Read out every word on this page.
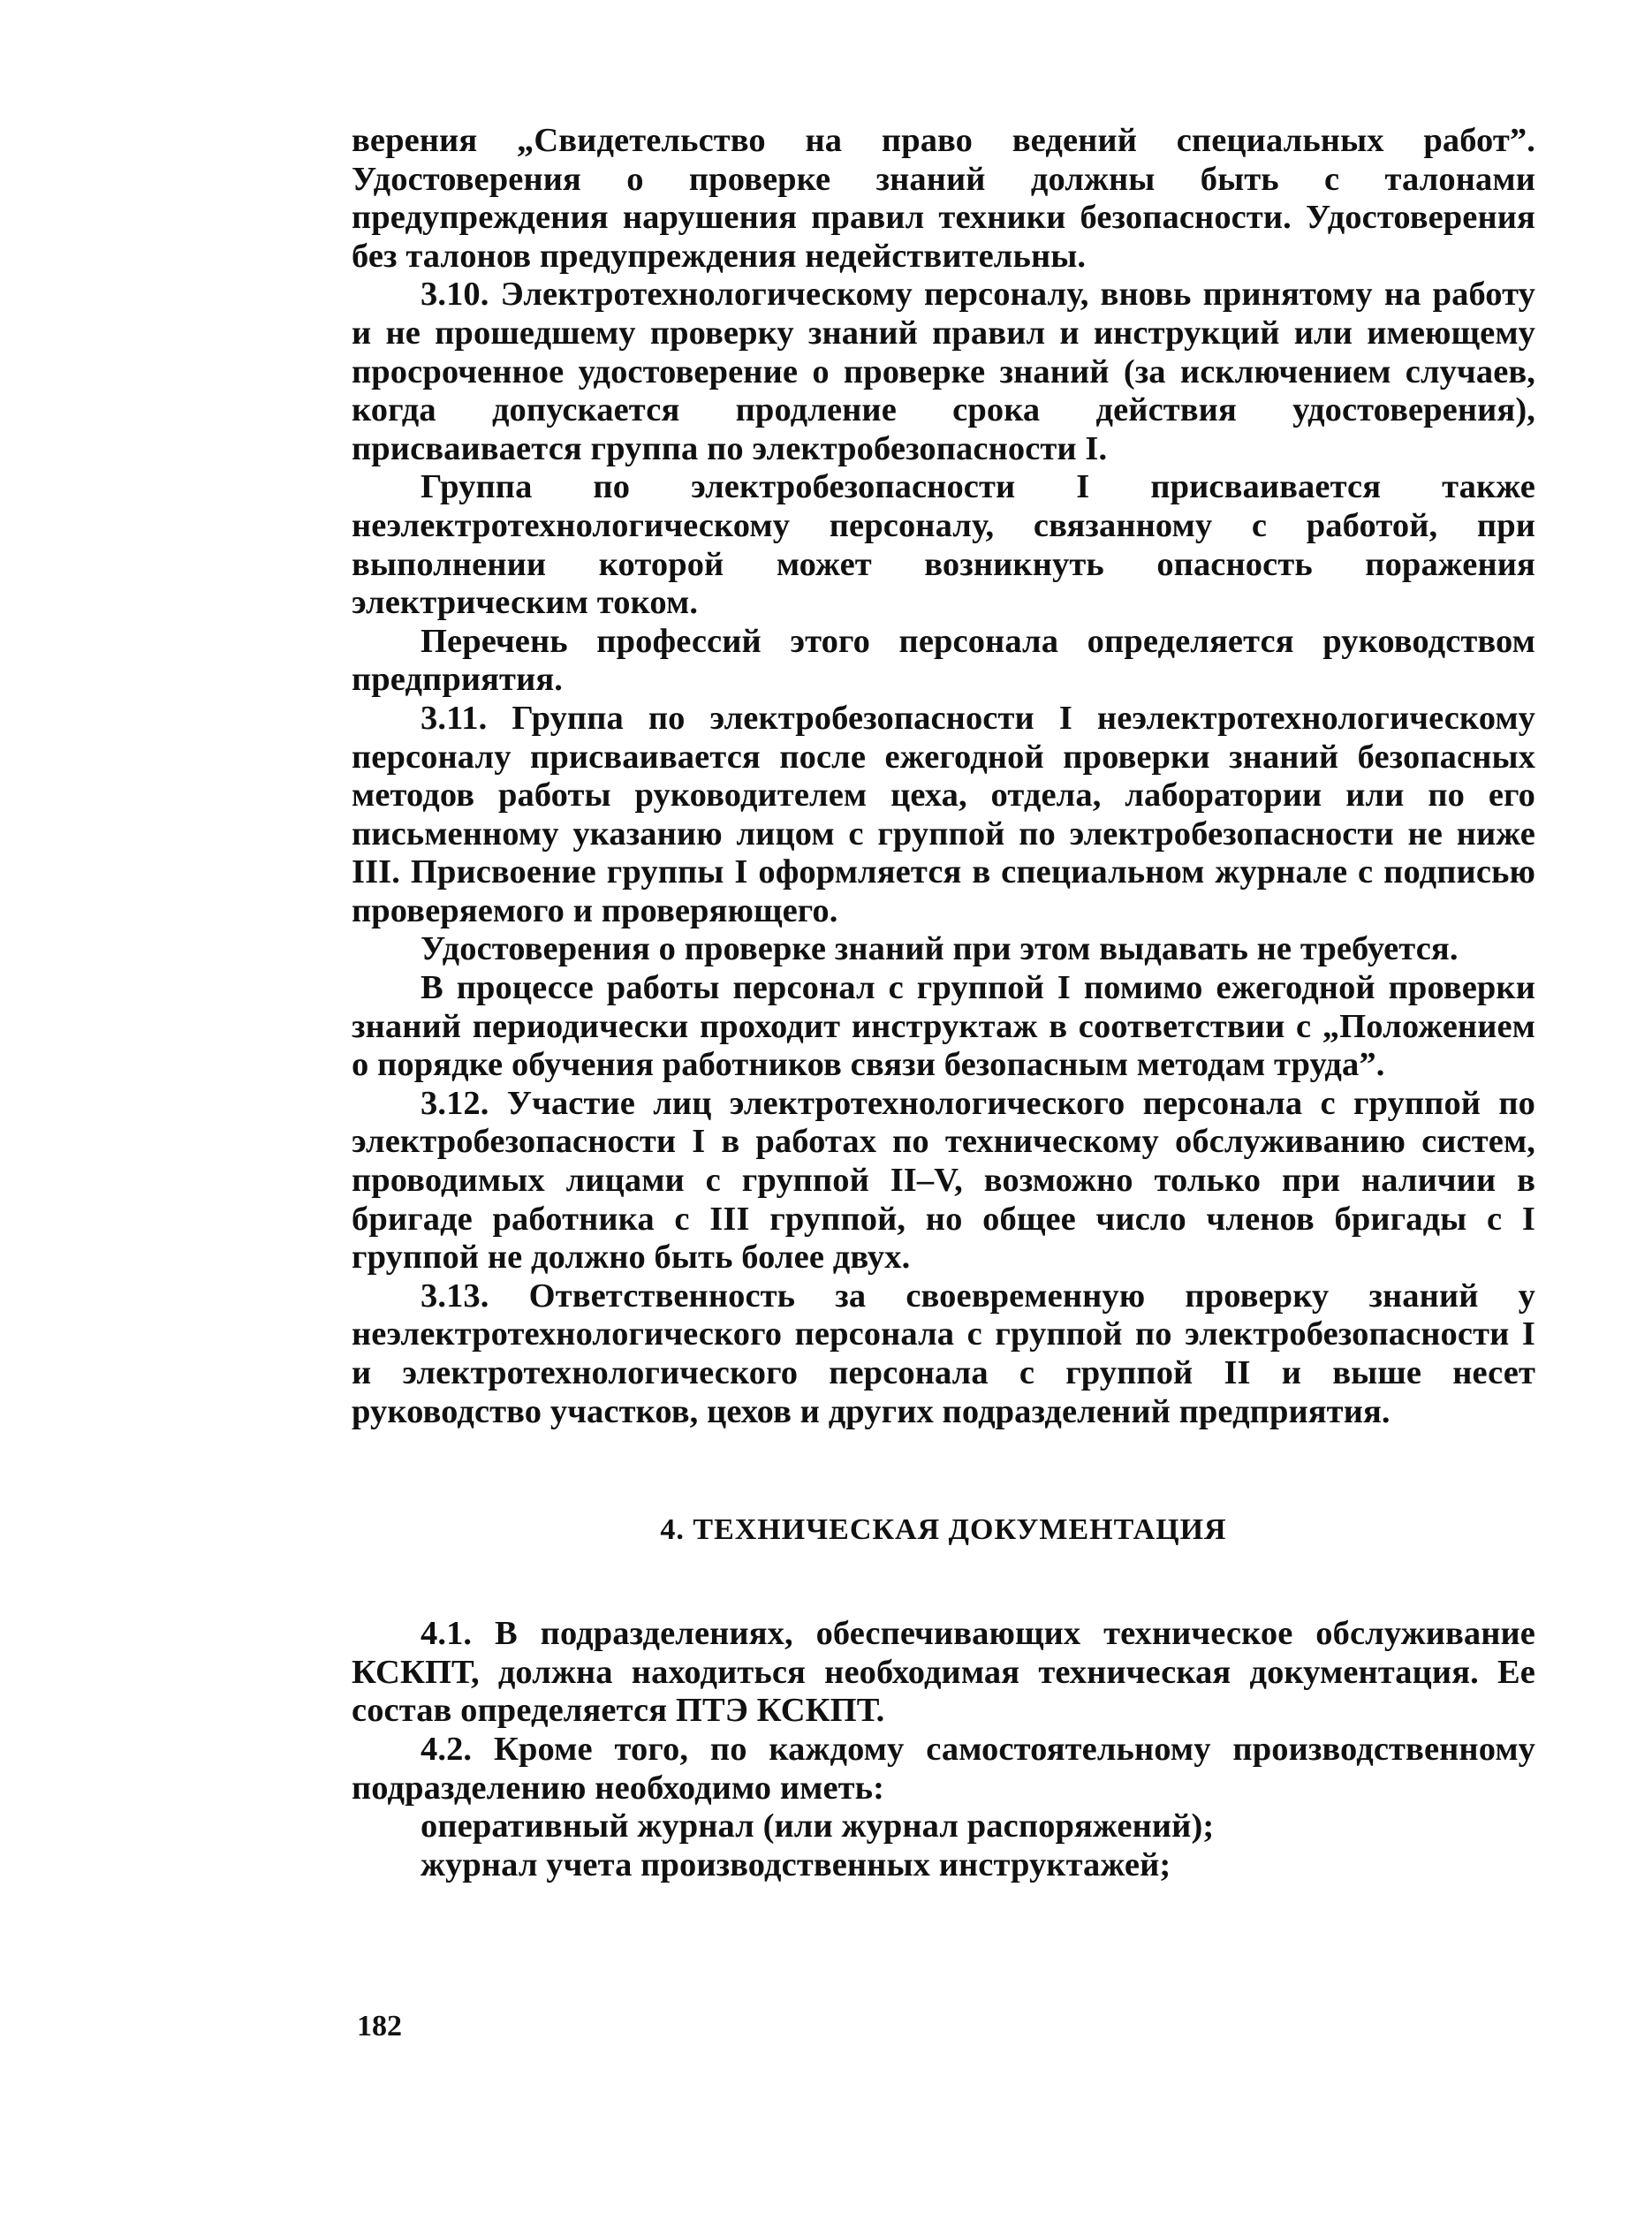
верения „Свидетельство на право ведений специальных работ”. Удостоверения о проверке знаний должны быть с талонами предупреждения нарушения правил техники безопасности. Удостоверения без талонов предупреждения недействительны.

3.10. Электротехнологическому персоналу, вновь принятому на работу и не прошедшему проверку знаний правил и инструкций или имеющему просроченное удостоверение о проверке знаний (за исключением случаев, когда допускается продление срока действия удостоверения), присваивается группа по электробезопасности I.

Группа по электробезопасности I присваивается также неэлектротехнологическому персоналу, связанному с работой, при выполнении которой может возникнуть опасность поражения электрическим током.

Перечень профессий этого персонала определяется руководством предприятия.

3.11. Группа по электробезопасности I неэлектротехнологическому персоналу присваивается после ежегодной проверки знаний безопасных методов работы руководителем цеха, отдела, лаборатории или по его письменному указанию лицом с группой по электробезопасности не ниже III. Присвоение группы I оформляется в специальном журнале с подписью проверяемого и проверяющего.

Удостоверения о проверке знаний при этом выдавать не требуется.

В процессе работы персонал с группой I помимо ежегодной проверки знаний периодически проходит инструктаж в соответствии с „Положением о порядке обучения работников связи безопасным методам труда”.

3.12. Участие лиц электротехнологического персонала с группой по электробезопасности I в работах по техническому обслуживанию систем, проводимых лицами с группой II–V, возможно только при наличии в бригаде работника с III группой, но общее число членов бригады с I группой не должно быть более двух.

3.13. Ответственность за своевременную проверку знаний у неэлектротехнологического персонала с группой по электробезопасности I и электротехнологического персонала с группой II и выше несет руководство участков, цехов и других подразделений предприятия.

4. ТЕХНИЧЕСКАЯ ДОКУМЕНТАЦИЯ

4.1. В подразделениях, обеспечивающих техническое обслуживание КСКПТ, должна находиться необходимая техническая документация. Ее состав определяется ПТЭ КСКПТ.

4.2. Кроме того, по каждому самостоятельному производственному подразделению необходимо иметь:

оперативный журнал (или журнал распоряжений);

журнал учета производственных инструктажей;

182
